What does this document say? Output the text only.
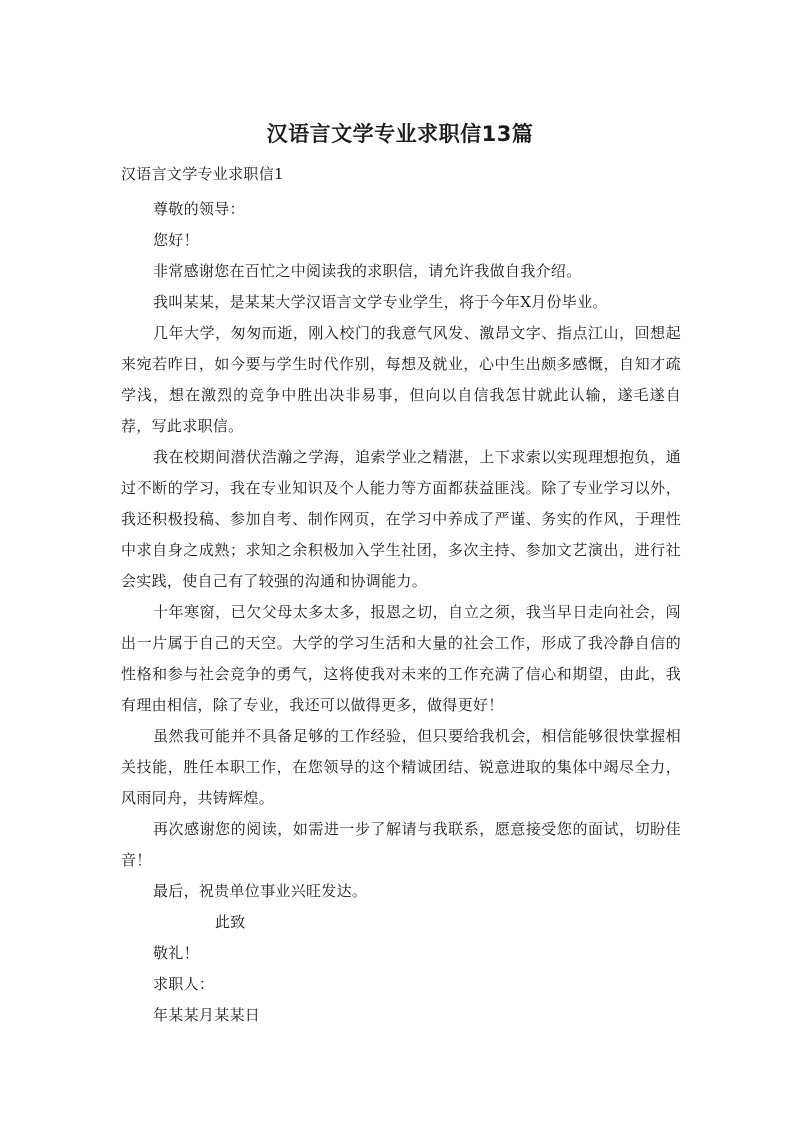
汉语言文学专业求职信13篇
汉语言文学专业求职信1

尊敬的领导：

您好！

非常感谢您在百忙之中阅读我的求职信，请允许我做自我介绍。

我叫某某，是某某大学汉语言文学专业学生，将于今年X月份毕业。

几年大学，匆匆而逝，刚入校门的我意气风发、激昂文字、指点江山，回想起来宛若昨日，如今要与学生时代作别，每想及就业，心中生出颇多感慨，自知才疏学浅，想在激烈的竞争中胜出决非易事，但向以自信我怎甘就此认输，遂毛遂自荐，写此求职信。

我在校期间潜伏浩瀚之学海，追索学业之精湛，上下求索以实现理想抱负，通过不断的学习，我在专业知识及个人能力等方面都获益匪浅。除了专业学习以外，我还积极投稿、参加自考、制作网页，在学习中养成了严谨、务实的作风，于理性中求自身之成熟；求知之余积极加入学生社团，多次主持、参加文艺演出，进行社会实践，使自己有了较强的沟通和协调能力。

十年寒窗，已欠父母太多太多，报恩之切，自立之须，我当早日走向社会，闯出一片属于自己的天空。大学的学习生活和大量的社会工作，形成了我冷静自信的性格和参与社会竞争的勇气，这将使我对未来的工作充满了信心和期望，由此，我有理由相信，除了专业，我还可以做得更多，做得更好！

虽然我可能并不具备足够的工作经验，但只要给我机会，相信能够很快掌握相关技能，胜任本职工作，在您领导的这个精诚团结、锐意进取的集体中竭尽全力，风雨同舟，共铸辉煌。

再次感谢您的阅读，如需进一步了解请与我联系，愿意接受您的面试，切盼佳音！

最后，祝贵单位事业兴旺发达。

此致

敬礼！

求职人：

年某某月某某日
